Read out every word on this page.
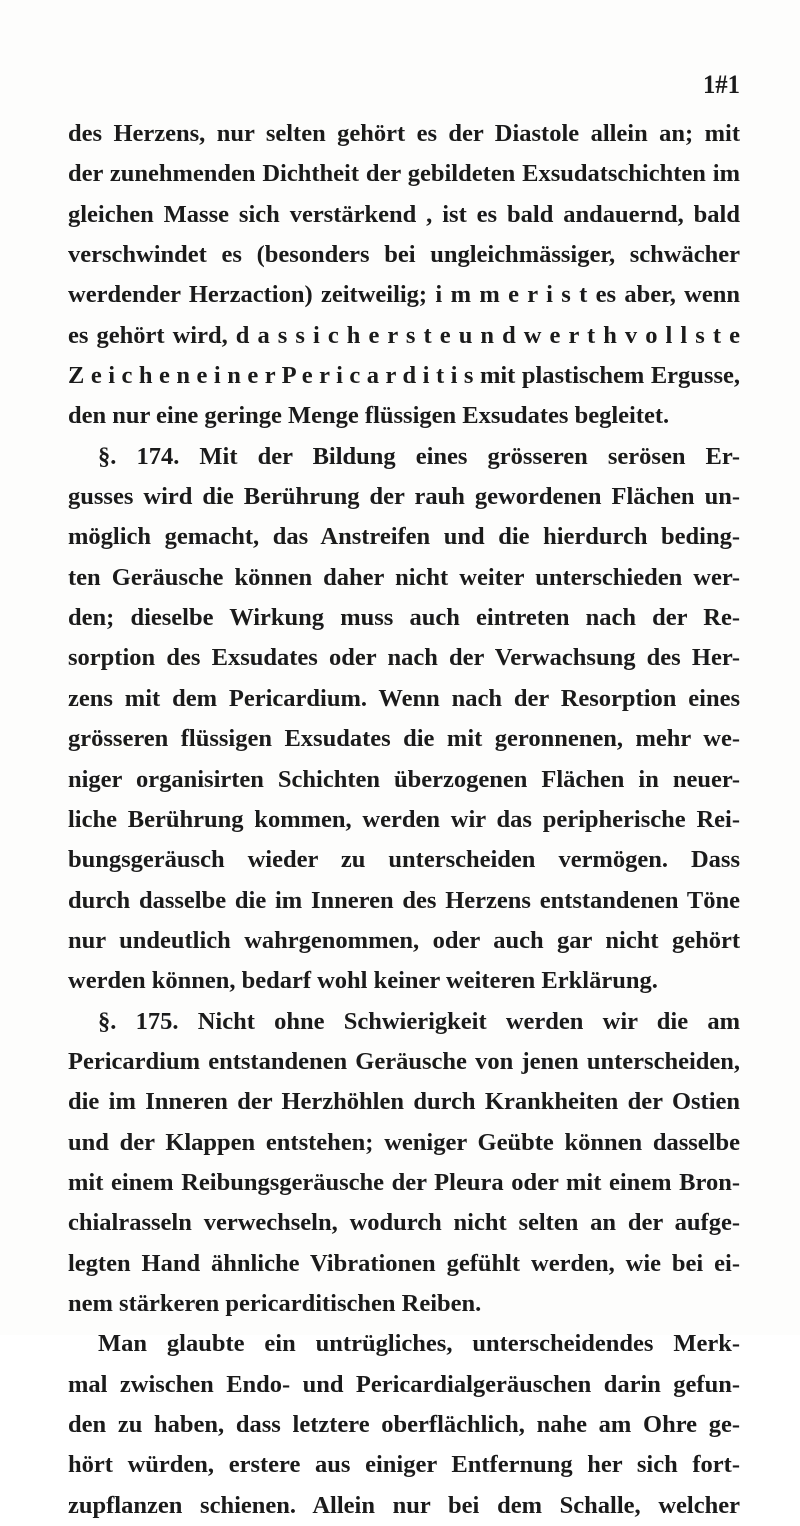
1#1
des Herzens, nur selten gehört es der Diastole allein an; mit
der zunehmenden Dichtheit der gebildeten Exsudatschichten im
gleichen Masse sich verstärkend , ist es bald andauernd, bald
verschwindet es (besonders bei ungleichmässiger, schwächer
werdender Herzaction) zeitweilig; i m m e r i s t es aber, wenn
es gehört wird, d a s s i c h e r s t e u n d w e r t h v o l l s t e
Z e i c h e n e i n e r P e r i c a r d i t i s mit plastischem Ergusse,
den nur eine geringe Menge flüssigen Exsudates begleitet.
§. 174. Mit der Bildung eines grösseren serösen Er-
gusses wird die Berührung der rauh gewordenen Flächen un-
möglich gemacht, das Anstreifen und die hierdurch beding-
ten Geräusche können daher nicht weiter unterschieden wer-
den; dieselbe Wirkung muss auch eintreten nach der Re-
sorption des Exsudates oder nach der Verwachsung des Her-
zens mit dem Pericardium. Wenn nach der Resorption eines
grösseren flüssigen Exsudates die mit geronnenen, mehr we-
niger organisirten Schichten überzogenen Flächen in neuer-
liche Berührung kommen, werden wir das peripherische Rei-
bungsgeräusch wieder zu unterscheiden vermögen. Dass
durch dasselbe die im Inneren des Herzens entstandenen Töne
nur undeutlich wahrgenommen, oder auch gar nicht gehört
werden können, bedarf wohl keiner weiteren Erklärung.
§. 175. Nicht ohne Schwierigkeit werden wir die am
Pericardium entstandenen Geräusche von jenen unterscheiden,
die im Inneren der Herzhöhlen durch Krankheiten der Ostien
und der Klappen entstehen; weniger Geübte können dasselbe
mit einem Reibungsgeräusche der Pleura oder mit einem Bron-
chialrasseln verwechseln, wodurch nicht selten an der aufge-
legten Hand ähnliche Vibrationen gefühlt werden, wie bei ei-
nem stärkeren pericarditischen Reiben.
Man glaubte ein untrügliches, unterscheidendes Merk-
mal zwischen Endo- und Pericardialgeräuschen darin gefun-
den zu haben, dass letztere oberflächlich, nahe am Ohre ge-
hört würden, erstere aus einiger Entfernung her sich fort-
zupflanzen schienen. Allein nur bei dem Schalle, welcher
